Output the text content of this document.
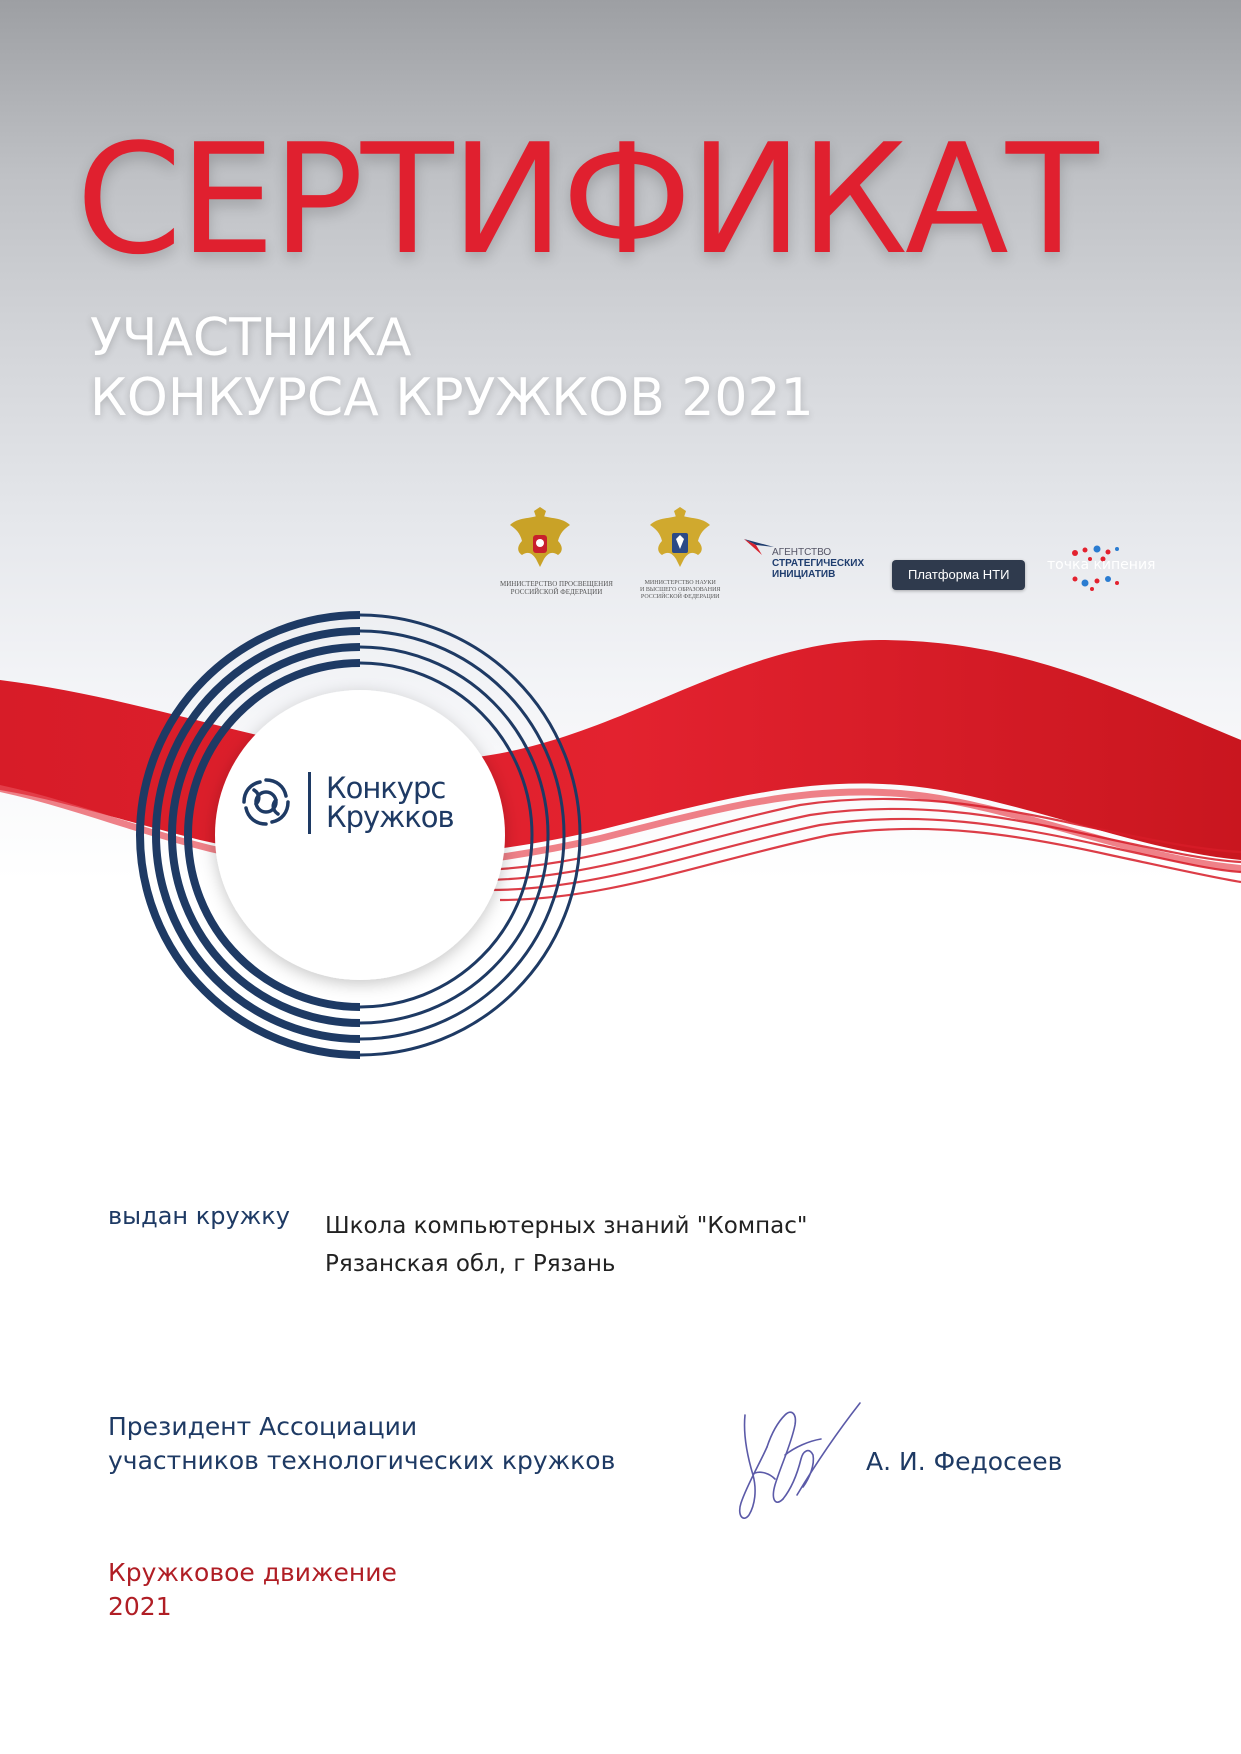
СЕРТИФИКАТ
УЧАСТНИКА
КОНКУРСА КРУЖКОВ 2021
МИНИСТЕРСТВО ПРОСВЕЩЕНИЯ
РОССИЙСКОЙ ФЕДЕРАЦИИ
МИНИСТЕРСТВО НАУКИ
И ВЫСШЕГО ОБРАЗОВАНИЯ
РОССИЙСКОЙ ФЕДЕРАЦИИ
АГЕНТСТВО
СТРАТЕГИЧЕСКИХ
ИНИЦИАТИВ	Платформа НТИ
точка кипения
Конкурс
Кружков
выдан кружку Школа компьютерных знаний "Компас"
Рязанская обл, г Рязань
Президент Ассоциации
участников технологических кружков	А. И. Федосеев
Кружковое движение
2021
